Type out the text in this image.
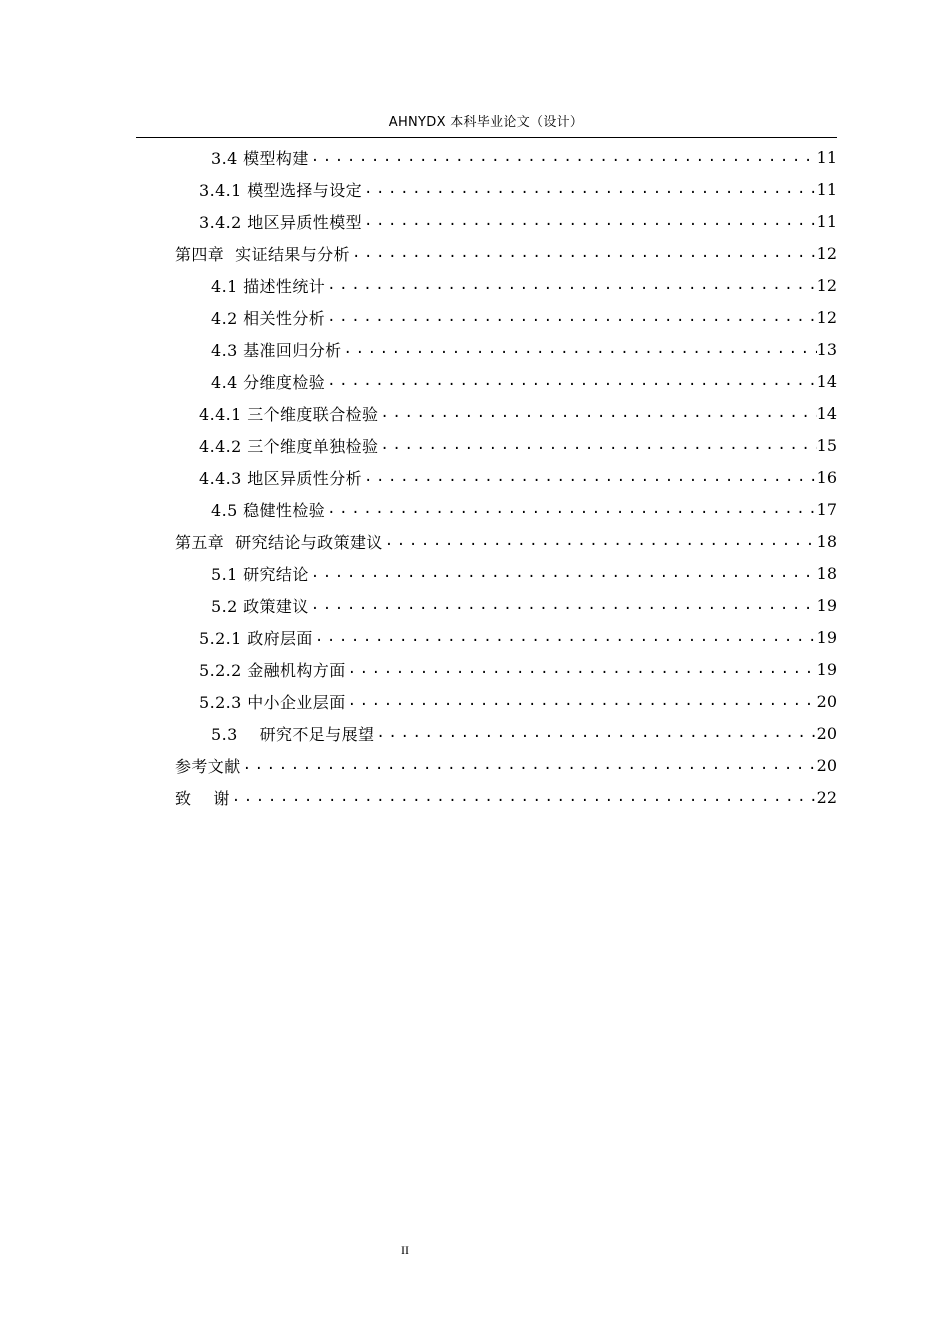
AHNYDX 本科毕业论文（设计）
3.4 模型构建 .....	11
3.4.1 模型选择与设定 .....	11
3.4.2 地区异质性模型 .....	11
第四章  实证结果与分析 .....	12
4.1 描述性统计 .....	12
4.2 相关性分析 .....	12
4.3 基准回归分析 .....	13
4.4 分维度检验 .....	14
4.4.1 三个维度联合检验 .....	14
4.4.2 三个维度单独检验 .....	15
4.4.3 地区异质性分析 .....	16
4.5 稳健性检验 .....	17
第五章  研究结论与政策建议 .....	18
5.1 研究结论 .....	18
5.2 政策建议 .....	19
5.2.1 政府层面 .....	19
5.2.2 金融机构方面 .....	19
5.2.3 中小企业层面 .....	20
5.3    研究不足与展望 .....	20
参考文献 .....	20
致    谢 .....	22
II
